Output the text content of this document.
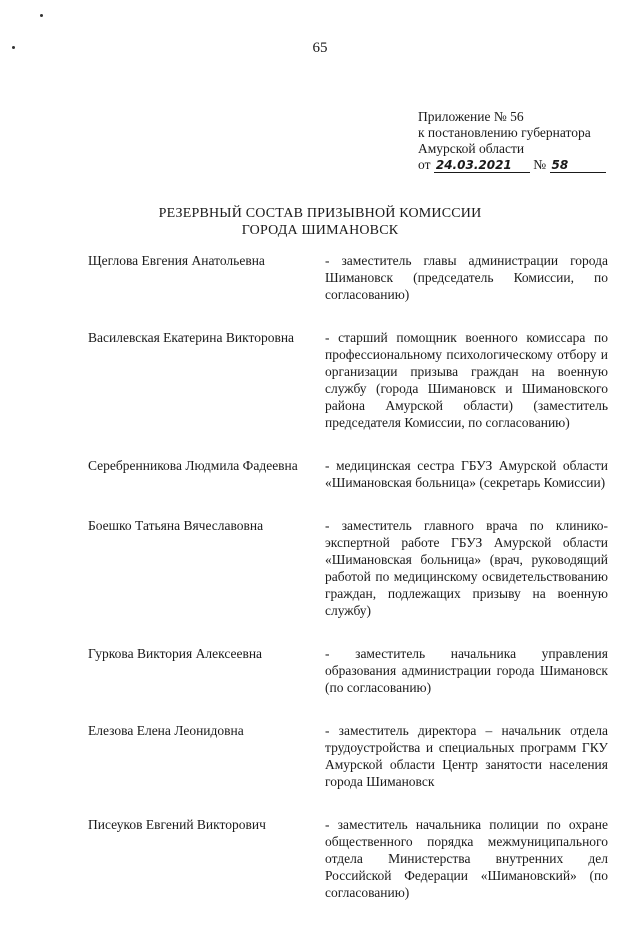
65
Приложение № 56
к постановлению губернатора
Амурской области
от 24.03.2021 № 58
РЕЗЕРВНЫЙ СОСТАВ ПРИЗЫВНОЙ КОМИССИИ
ГОРОДА ШИМАНОВСК
Щеглова Евгения Анатольевна	- заместитель главы администрации города Шимановск (председатель Комиссии, по согласованию)
Василевская Екатерина Викторовна	- старший помощник военного комиссара по профессиональному психологическому отбору и организации призыва граждан на военную службу (города Шимановск и Шимановского района Амурской области) (заместитель председателя Комиссии, по согласованию)
Серебренникова Людмила Фадеевна	- медицинская сестра ГБУЗ Амурской области «Шимановская больница» (секретарь Комиссии)
Боешко Татьяна Вячеславовна	- заместитель главного врача по клинико-экспертной работе ГБУЗ Амурской области «Шимановская больница» (врач, руководящий работой по медицинскому освидетельствованию граждан, подлежащих призыву на военную службу)
Гуркова Виктория Алексеевна	- заместитель начальника управления образования администрации города Шимановск (по согласованию)
Елезова Елена Леонидовна	- заместитель директора – начальник отдела трудоустройства и специальных программ ГКУ Амурской области Центр занятости населения города Шимановск
Писеуков Евгений Викторович	- заместитель начальника полиции по охране общественного порядка межмуниципального отдела Министерства внутренних дел Российской Федерации «Шимановский» (по согласованию)
